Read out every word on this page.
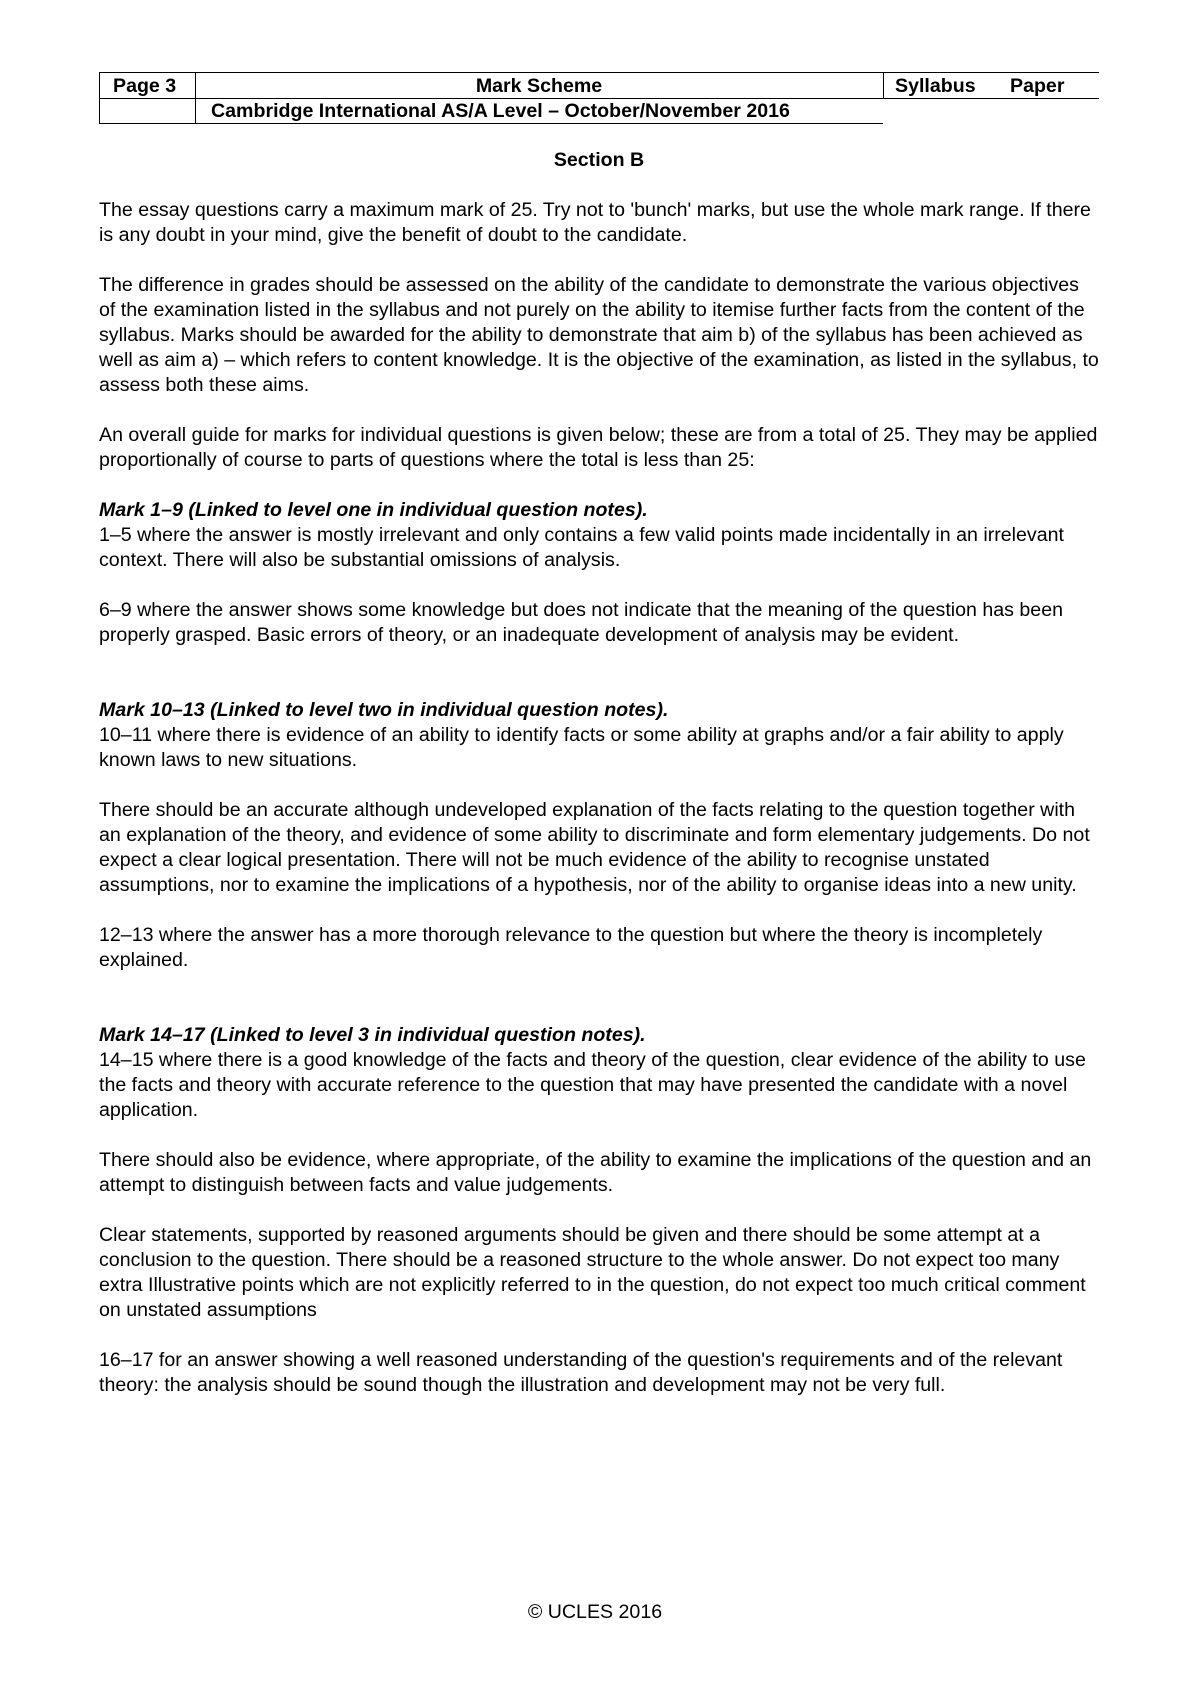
Page 3	Mark Scheme	Syllabus Paper
Cambridge International AS/A Level – October/November 2016
Section B

The essay questions carry a maximum mark of 25. Try not to 'bunch' marks, but use the whole mark range. If there is any doubt in your mind, give the benefit of doubt to the candidate.

The difference in grades should be assessed on the ability of the candidate to demonstrate the various objectives of the examination listed in the syllabus and not purely on the ability to itemise further facts from the content of the syllabus. Marks should be awarded for the ability to demonstrate that aim b) of the syllabus has been achieved as well as aim a) – which refers to content knowledge. It is the objective of the examination, as listed in the syllabus, to assess both these aims.

An overall guide for marks for individual questions is given below; these are from a total of 25. They may be applied proportionally of course to parts of questions where the total is less than 25:

Mark 1–9 (Linked to level one in individual question notes).

1–5 where the answer is mostly irrelevant and only contains a few valid points made incidentally in an irrelevant context. There will also be substantial omissions of analysis.

6–9 where the answer shows some knowledge but does not indicate that the meaning of the question has been properly grasped. Basic errors of theory, or an inadequate development of analysis may be evident.

Mark 10–13 (Linked to level two in individual question notes).

10–11 where there is evidence of an ability to identify facts or some ability at graphs and/or a fair ability to apply known laws to new situations.

There should be an accurate although undeveloped explanation of the facts relating to the question together with an explanation of the theory, and evidence of some ability to discriminate and form elementary judgements. Do not expect a clear logical presentation. There will not be much evidence of the ability to recognise unstated assumptions, nor to examine the implications of a hypothesis, nor of the ability to organise ideas into a new unity.

12–13 where the answer has a more thorough relevance to the question but where the theory is incompletely explained.

Mark 14–17 (Linked to level 3 in individual question notes).

14–15 where there is a good knowledge of the facts and theory of the question, clear evidence of the ability to use the facts and theory with accurate reference to the question that may have presented the candidate with a novel application.

There should also be evidence, where appropriate, of the ability to examine the implications of the question and an attempt to distinguish between facts and value judgements.

Clear statements, supported by reasoned arguments should be given and there should be some attempt at a conclusion to the question. There should be a reasoned structure to the whole answer. Do not expect too many extra Illustrative points which are not explicitly referred to in the question, do not expect too much critical comment on unstated assumptions

16–17 for an answer showing a well reasoned understanding of the question's requirements and of the relevant theory: the analysis should be sound though the illustration and development may not be very full.

© UCLES 2016
